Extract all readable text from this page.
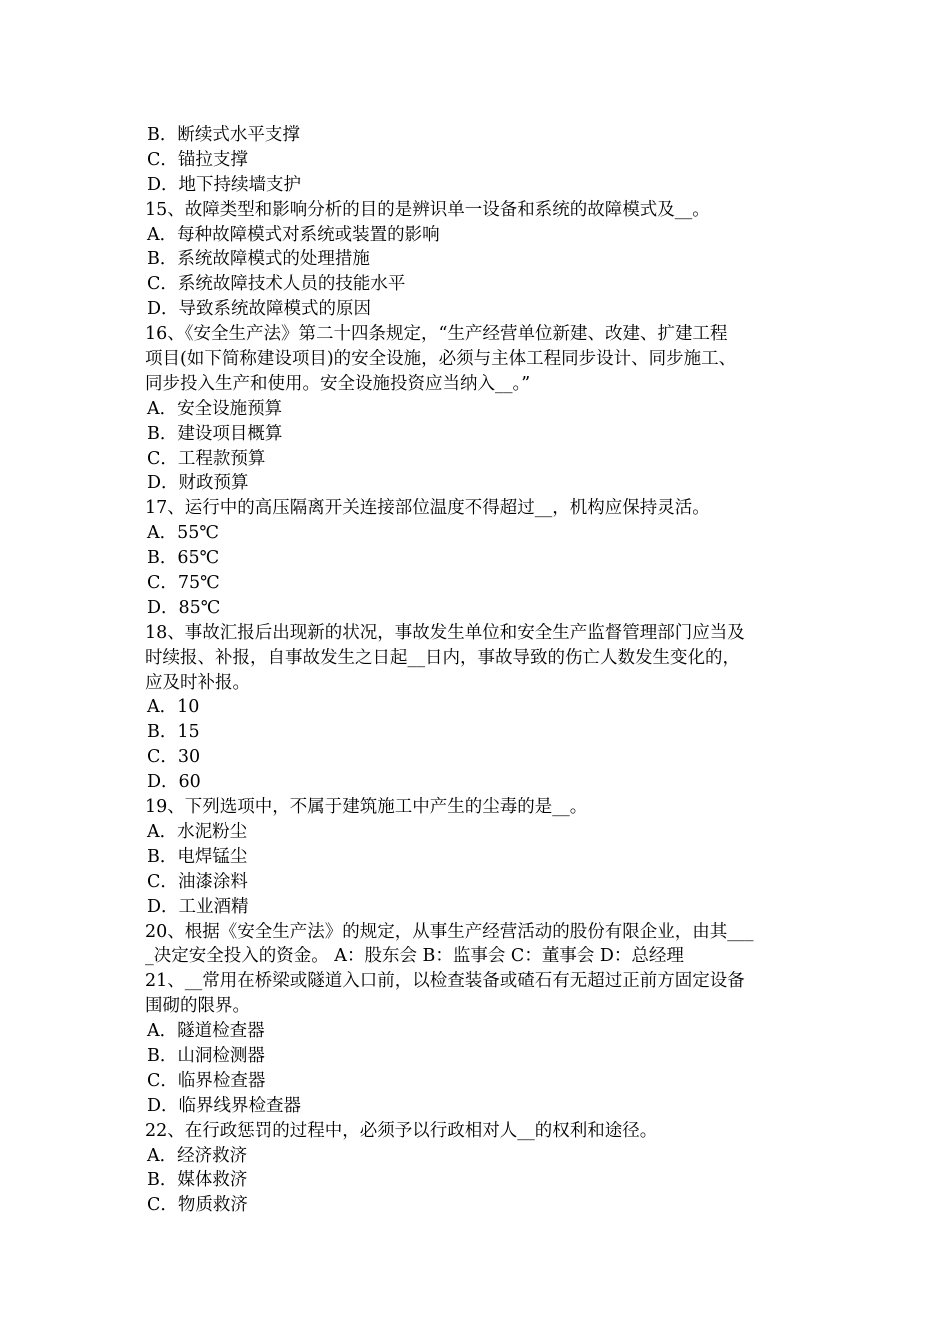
B．断续式水平支撑
C．锚拉支撑
D．地下持续墙支护
15、故障类型和影响分析的目的是辨识单一设备和系统的故障模式及__。
A．每种故障模式对系统或装置的影响
B．系统故障模式的处理措施
C．系统故障技术人员的技能水平
D．导致系统故障模式的原因
16、《安全生产法》第二十四条规定，“生产经营单位新建、改建、扩建工程
项目(如下简称建设项目)的安全设施，必须与主体工程同步设计、同步施工、
同步投入生产和使用。安全设施投资应当纳入__。”
A．安全设施预算
B．建设项目概算
C．工程款预算
D．财政预算
17、运行中的高压隔离开关连接部位温度不得超过__，机构应保持灵活。
A．55℃
B．65℃
C．75℃
D．85℃
18、事故汇报后出现新的状况，事故发生单位和安全生产监督管理部门应当及
时续报、补报，自事故发生之日起__日内，事故导致的伤亡人数发生变化的，
应及时补报。
A．10
B．15
C．30
D．60
19、下列选项中，不属于建筑施工中产生的尘毒的是__。
A．水泥粉尘
B．电焊锰尘
C．油漆涂料
D．工业酒精
20、根据《安全生产法》的规定，从事生产经营活动的股份有限企业，由其___
_决定安全投入的资金。 A：股东会 B：监事会 C：董事会 D：总经理
21、__常用在桥梁或隧道入口前，以检查装备或碴石有无超过正前方固定设备
围砌的限界。
A．隧道检查器
B．山洞检测器
C．临界检查器
D．临界线界检查器
22、在行政惩罚的过程中，必须予以行政相对人__的权利和途径。
A．经济救济
B．媒体救济
C．物质救济
